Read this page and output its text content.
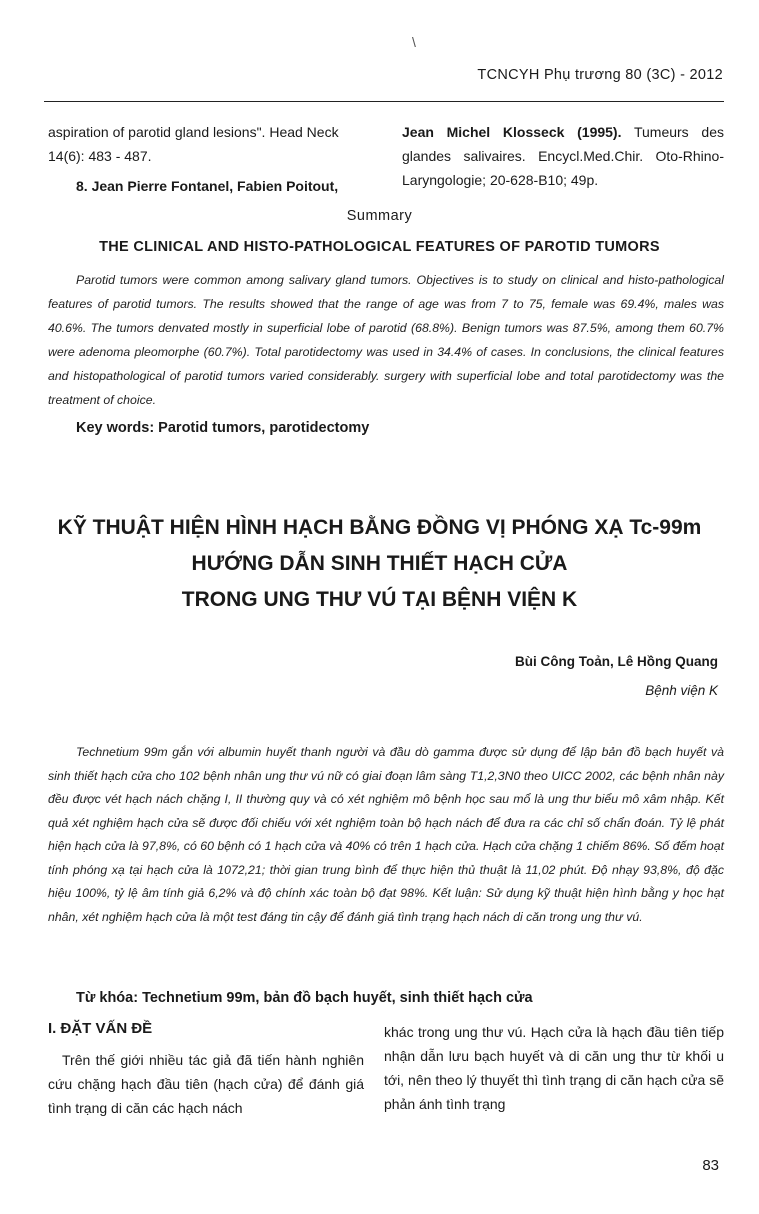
\
TCNCYH Phụ trương 80 (3C) - 2012
aspiration of parotid gland lesions". Head Neck 14(6): 483 - 487.
8. Jean Pierre Fontanel, Fabien Poitout,
Jean Michel Klosseck (1995). Tumeurs des glandes salivaires. Encycl.Med.Chir. Oto-Rhino-Laryngologie; 20-628-B10; 49p.
Summary
THE CLINICAL AND HISTO-PATHOLOGICAL FEATURES OF PAROTID TUMORS
Parotid tumors were common among salivary gland tumors. Objectives is to study on clinical and histo-pathological features of parotid tumors. The results showed that the range of age was from 7 to 75, female was 69.4%, males was 40.6%. The tumors denvated mostly in superficial lobe of parotid (68.8%). Benign tumors was 87.5%, among them 60.7% were adenoma pleomorphe (60.7%). Total parotidectomy was used in 34.4% of cases. In conclusions, the clinical features and histopathological of parotid tumors varied considerably. surgery with superficial lobe and total parotidectomy was the treatment of choice.
Key words: Parotid tumors, parotidectomy
KỸ THUẬT HIỆN HÌNH HẠCH BẰNG ĐỒNG VỊ PHÓNG XẠ Tc-99m
HƯỚNG DẪN SINH THIẾT HẠCH CỬA
TRONG UNG THƯ VÚ TẠI BỆNH VIỆN K
Bùi Công Toản, Lê Hồng Quang
Bệnh viện K
Technetium 99m gắn với albumin huyết thanh người và đầu dò gamma được sử dụng để lập bản đồ bạch huyết và sinh thiết hạch cửa cho 102 bệnh nhân ung thư vú nữ có giai đoạn lâm sàng T1,2,3N0 theo UICC 2002, các bệnh nhân này đều được vét hạch nách chặng I, II thường quy và có xét nghiệm mô bệnh học sau mổ là ung thư biểu mô xâm nhập. Kết quả xét nghiệm hạch cửa sẽ được đối chiếu với xét nghiệm toàn bộ hạch nách để đưa ra các chỉ số chẩn đoán. Tỷ lệ phát hiện hạch cửa là 97,8%, có 60 bệnh có 1 hạch cửa và 40% có trên 1 hạch cửa. Hạch cửa chặng 1 chiếm 86%. Số đếm hoạt tính phóng xạ tại hạch cửa là 1072,21; thời gian trung bình để thực hiện thủ thuật là 11,02 phút. Độ nhạy 93,8%, độ đặc hiệu 100%, tỷ lệ âm tính giả 6,2% và độ chính xác toàn bộ đạt 98%. Kết luận: Sử dụng kỹ thuật hiện hình bằng y học hạt nhân, xét nghiệm hạch cửa là một test đáng tin cậy để đánh giá tình trạng hạch nách di căn trong ung thư vú.
Từ khóa: Technetium 99m, bản đồ bạch huyết, sinh thiết hạch cửa
I. ĐẶT VẤN ĐỀ
Trên thế giới nhiều tác giả đã tiến hành nghiên cứu chặng hạch đầu tiên (hạch cửa) để đánh giá tình trạng di căn các hạch nách
khác trong ung thư vú. Hạch cửa là hạch đầu tiên tiếp nhận dẫn lưu bạch huyết và di căn ung thư từ khối u tới, nên theo lý thuyết thì tình trạng di căn hạch cửa sẽ phản ánh tình trạng
83
